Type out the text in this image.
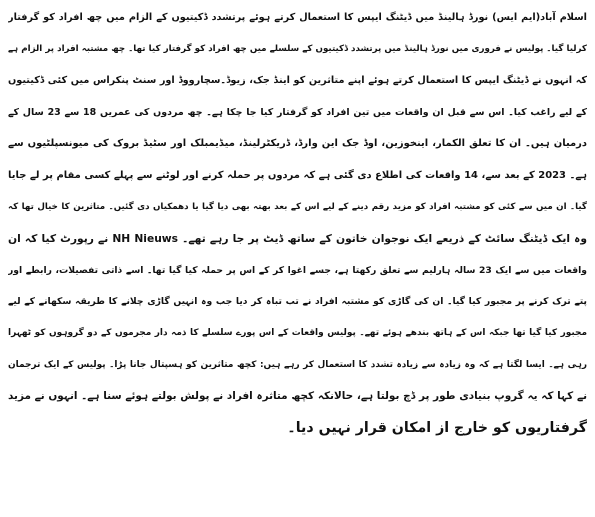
اسلام آباد(ایم ایس) نورڈ ہالینڈ میں ڈیٹنگ ایپس کا استعمال کرتے ہوئے پرتشدد ڈکیتیوں کے الزام میں چھ افراد کو گرفتار
کرلیا گیا۔ پولیس نے فروری میں نورڈ ہالینڈ میں پرتشدد ڈکیتیوں کے سلسلے میں چھ افراد کو گرفتار کیا تھا۔ چھ مشتبہ افراد پر الزام ہے
کہ انہوں نے ڈیٹنگ ایپس کا استعمال کرتے ہوئے اپنے متاثرین کو اینڈ جک، زیوڈ۔سچارووڈ اور سنٹ پنکراس میں کئی ڈکیتیوں
کے لیے راغب کیا۔ اس سے قبل ان واقعات میں تین افراد کو گرفتار کیا جا چکا ہے۔ چھ مردوں کی عمریں 18 سے 23 سال کے
درمیان ہیں۔ ان کا تعلق الکمار، اینخوزین، اوڈ جک این وارڈ، ڈریکٹرلینڈ، میڈیمبلک اور سٹیڈ بروک کی میونسپلٹیوں سے
ہے۔ 2023 کے بعد سے، 14 واقعات کی اطلاع دی گئی ہے کہ مردوں پر حملہ کرنے اور لوٹنے سے پہلے کسی مقام پر لے جایا
گیا۔ ان میں سے کئی کو مشتبہ افراد کو مزید رقم دینے کے لیے اس کے بعد بھتہ بھی دیا گیا یا دھمکیاں دی گئیں۔ متاثرین کا خیال تھا کہ
وہ ایک ڈیٹنگ سائٹ کے ذریعے ایک نوجوان خاتون کے ساتھ ڈیٹ پر جا رہے تھے۔ NH Nieuws نے رپورٹ کیا کہ ان
واقعات میں سے ایک 23 سالہ ہارلیم سے تعلق رکھتا ہے، جسے اغوا کر کے اس پر حملہ کیا گیا تھا۔ اسے ذاتی تفصیلات، رابطے اور
پتے ترک کرنے پر مجبور کیا گیا۔ ان کی گاڑی کو مشتبہ افراد نے تب تباہ کر دیا جب وہ انہیں گاڑی چلانے کا طریقہ سکھانے کے لیے
مجبور کیا گیا تھا جبکہ اس کے ہاتھ بندھے ہوئے تھے۔ پولیس واقعات کے اس پورے سلسلے کا ذمہ دار مجرموں کے دو گروہوں کو ٹھہرا
رہی ہے۔ ایسا لگتا ہے کہ وہ زیادہ سے زیادہ تشدد کا استعمال کر رہے ہیں: کچھ متاثرین کو ہسپتال جانا پڑا۔ پولیس کے ایک ترجمان
نے کہا کہ یہ گروپ بنیادی طور پر ڈچ بولتا ہے، حالانکہ کچھ متاثرہ افراد نے پولش بولتے ہوئے سنا ہے۔ انہوں نے مزید
گرفتاریوں کو خارج از امکان قرار نہیں دیا۔
